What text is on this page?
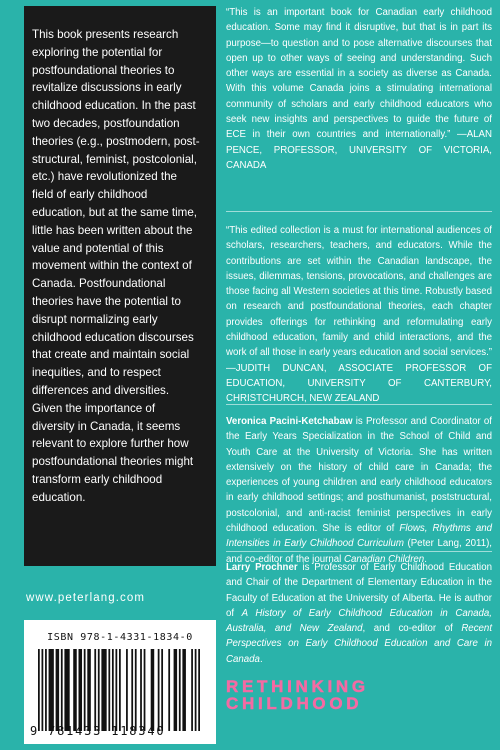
This book presents research exploring the potential for postfoundational theories to revitalize discussions in early childhood education. In the past two decades, postfoundation theories (e.g., postmodern, post-structural, feminist, postcolonial, etc.) have revolutionized the field of early childhood education, but at the same time, little has been written about the value and potential of this movement within the context of Canada. Postfoundational theories have the potential to disrupt normalizing early childhood education discourses that create and maintain social inequities, and to respect differences and diversities. Given the importance of diversity in Canada, it seems relevant to explore further how postfoundational theories might transform early childhood education.

www.peterlang.com
ISBN 978-1-4331-1834-0
9 781433 118340

“This is an important book for Canadian early childhood education. Some may find it disruptive, but that is in part its purpose—to question and to pose alternative discourses that open up to other ways of seeing and understanding. Such other ways are essential in a society as diverse as Canada. With this volume Canada joins a stimulating international community of scholars and early childhood educators who seek new insights and perspectives to guide the future of ECE in their own countries and internationally.” —ALAN PENCE, PROFESSOR, UNIVERSITY OF VICTORIA, CANADA

“This edited collection is a must for international audiences of scholars, researchers, teachers, and educators. While the contributions are set within the Canadian landscape, the issues, dilemmas, tensions, provocations, and challenges are those facing all Western societies at this time. Robustly based on research and postfoundational theories, each chapter provides offerings for rethinking and reformulating early childhood education, family and child interactions, and the work of all those in early years education and social services.” —JUDITH DUNCAN, ASSOCIATE PROFESSOR OF EDUCATION, UNIVERSITY OF CANTERBURY, CHRISTCHURCH, NEW ZEALAND

Veronica Pacini-Ketchabaw is Professor and Coordinator of the Early Years Specialization in the School of Child and Youth Care at the University of Victoria. She has written extensively on the history of child care in Canada; the experiences of young children and early childhood educators in early childhood settings; and posthumanist, poststructural, postcolonial, and anti-racist feminist perspectives in early childhood education. She is editor of Flows, Rhythms and Intensities in Early Childhood Curriculum (Peter Lang, 2011), and co-editor of the journal Canadian Children.

Larry Prochner is Professor of Early Childhood Education and Chair of the Department of Elementary Education in the Faculty of Education at the University of Alberta. He is author of A History of Early Childhood Education in Canada, Australia, and New Zealand, and co-editor of Recent Perspectives on Early Childhood Education and Care in Canada.

RETHINKING
CHILDHOOD
